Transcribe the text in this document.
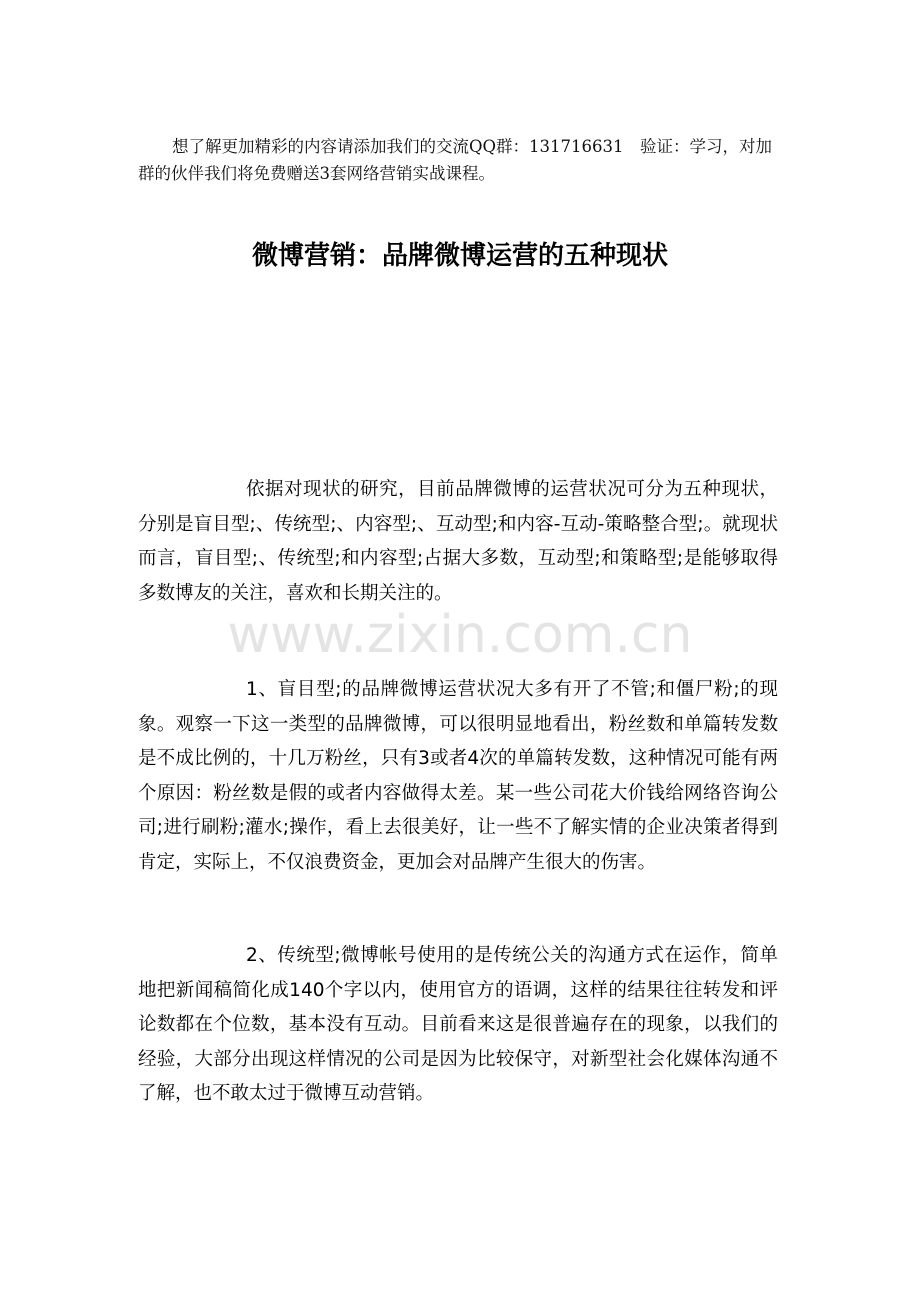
想了解更加精彩的内容请添加我们的交流QQ群：131716631　验证：学习，对加群的伙伴我们将免费赠送3套网络营销实战课程。

微博营销：品牌微博运营的五种现状
www.zixin.com.cn

依据对现状的研究，目前品牌微博的运营状况可分为五种现状，分别是盲目型;、传统型;、内容型;、互动型;和内容-互动-策略整合型;。就现状而言，盲目型;、传统型;和内容型;占据大多数，互动型;和策略型;是能够取得多数博友的关注，喜欢和长期关注的。

1、盲目型;的品牌微博运营状况大多有开了不管;和僵尸粉;的现象。观察一下这一类型的品牌微博，可以很明显地看出，粉丝数和单篇转发数是不成比例的，十几万粉丝，只有3或者4次的单篇转发数，这种情况可能有两个原因：粉丝数是假的或者内容做得太差。某一些公司花大价钱给网络咨询公司;进行刷粉;灌水;操作，看上去很美好，让一些不了解实情的企业决策者得到肯定，实际上，不仅浪费资金，更加会对品牌产生很大的伤害。

2、传统型;微博帐号使用的是传统公关的沟通方式在运作，简单地把新闻稿简化成140个字以内，使用官方的语调，这样的结果往往转发和评论数都在个位数，基本没有互动。目前看来这是很普遍存在的现象，以我们的经验，大部分出现这样情况的公司是因为比较保守，对新型社会化媒体沟通不了解，也不敢太过于微博互动营销。
